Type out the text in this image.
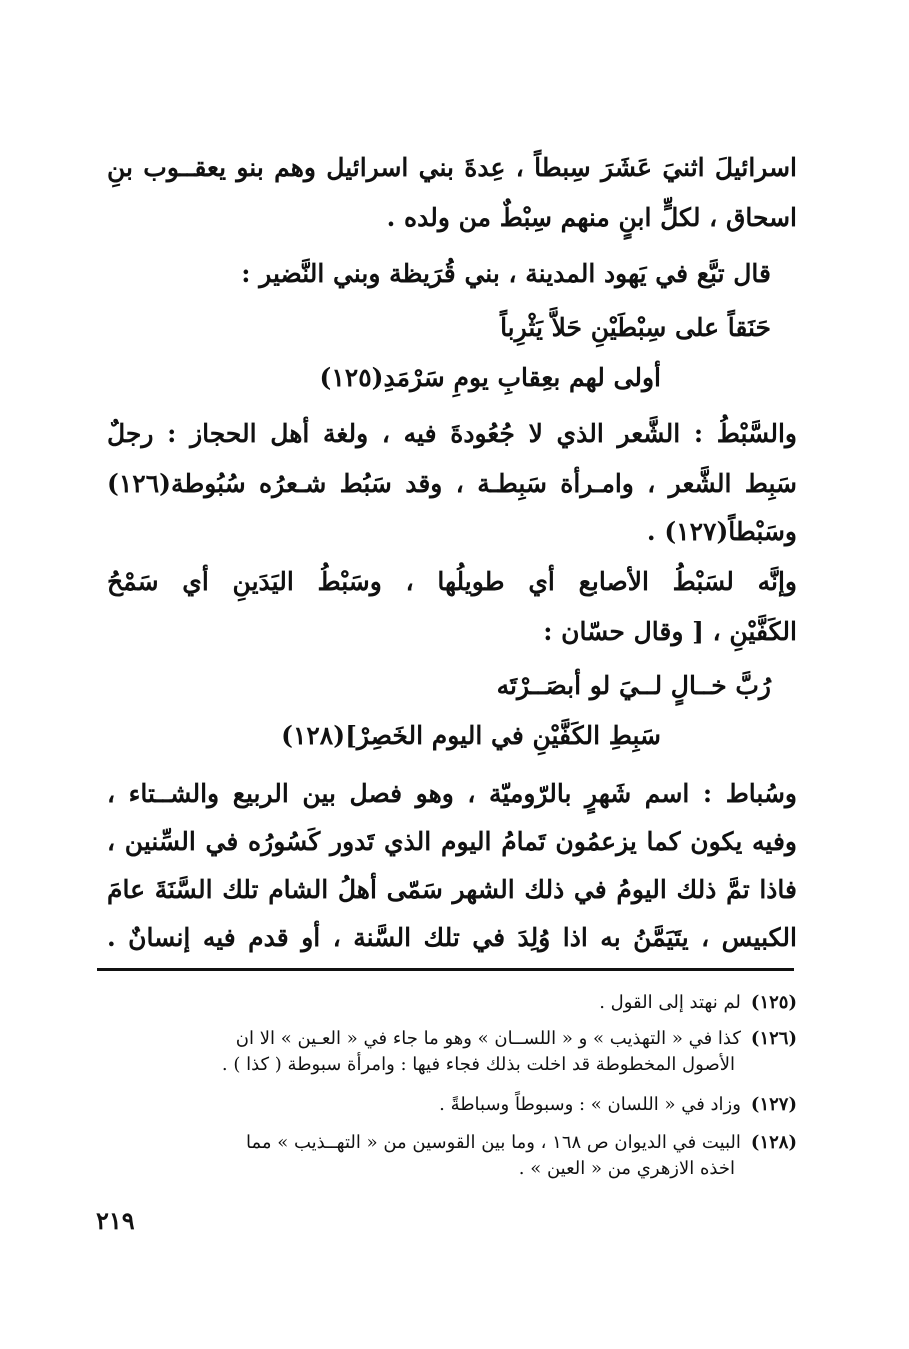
اسرائيلَ اثنيَ عَشَرَ سِبطاً ، عِدةَ بني اسرائيل وهم بنو يعقــوب بنِ
اسحاق ، لكلٍّ ابنٍ منهم سِبْطٌ من ولده .
قال تبَّع في يَهود المدينة ، بني قُرَيظة وبني النَّضير :
حَنَقاً على سِبْطَيْنِ حَلاَّ يَثْرِباً
أولى لهم بعِقابِ يومِ سَرْمَدِ(١٢٥)
والسَّبْطُ : الشَّعر الذي لا جُعُودةَ فيه ، ولغة أهل الحجاز : رجلٌ
سَبِط الشَّعر ، وامـرأة سَبِطـة ، وقد سَبُط شـعرُه سُبُوطة(١٢٦)
وسَبْطاً(١٢٧) .
وإنَّه لسَبْطُ الأصابع أي طويلُها ، وسَبْطُ اليَدَينِ أي سَمْحُ
الكَفَّيْنِ ، [ وقال حسّان :
رُبَّ خــالٍ لــيَ لو أبصَــرْتَه
سَبِطِ الكَفَّيْنِ في اليوم الخَصِرْ](١٢٨)
وسُباط : اسم شَهرٍ بالرّوميّة ، وهو فصل بين الربيع والشــتاء ،
وفيه يكون كما يزعمُون تَمامُ اليوم الذي تَدور كَسُورُه في السِّنين ،
فاذا تمَّ ذلك اليومُ في ذلك الشهر سَمّى أهلُ الشام تلك السَّنَةَ عامَ
الكبيس ، يتَيَمَّنُ به اذا وُلِدَ في تلك السَّنة ، أو قدم فيه إنسانٌ .
(١٢٥)لم نهتد إلى القول .
(١٢٦)كذا في « التهذيب » و « اللســان » وهو ما جاء في « العـين » الا ان
الأصول المخطوطة قد اخلت بذلك فجاء فيها : وامرأة سبوطة ( كذا ) .
(١٢٧)وزاد في « اللسان » : وسبوطاً وسباطةً .
(١٢٨)البيت في الديوان ص ١٦٨ ، وما بين القوسين من « التهــذيب » مما
اخذه الازهري من « العين » .
٢١٩
